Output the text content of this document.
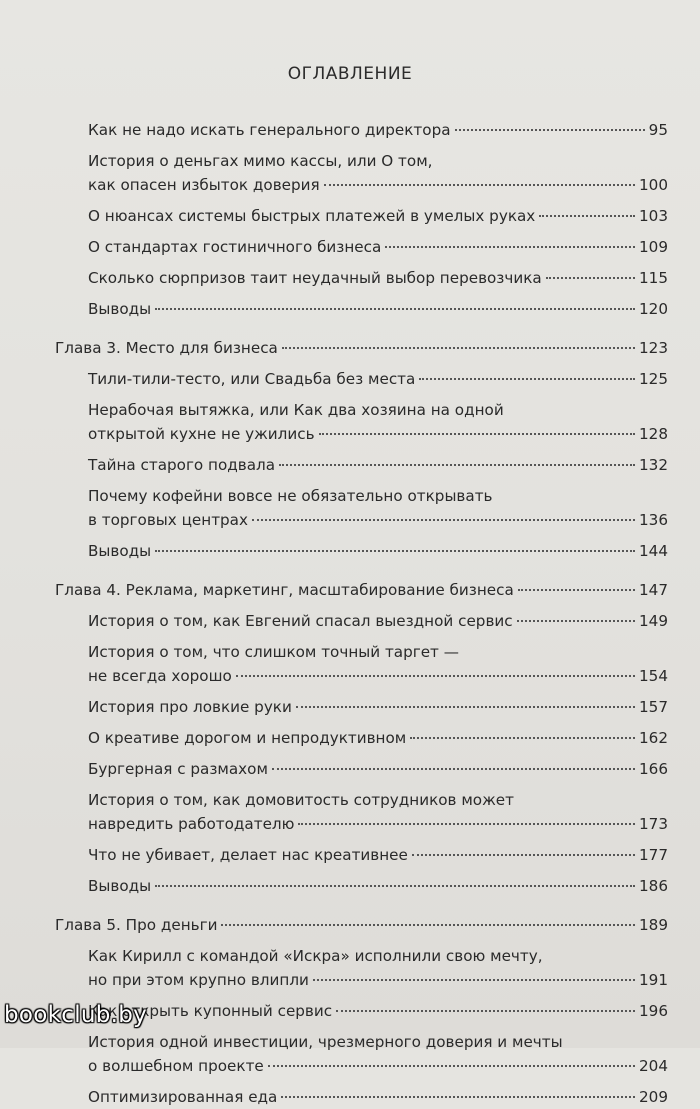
ОГЛАВЛЕНИЕ
Как не надо искать генерального директора	95
История о деньгах мимо кассы, или О том,
как опасен избыток доверия	100
О нюансах системы быстрых платежей в умелых руках	103
О стандартах гостиничного бизнеса	109
Сколько сюрпризов таит неудачный выбор перевозчика	115
Выводы	120
Глава 3. Место для бизнеса	123
Тили-тили-тесто, или Свадьба без места	125
Нерабочая вытяжка, или Как два хозяина на одной
открытой кухне не ужились	128
Тайна старого подвала	132
Почему кофейни вовсе не обязательно открывать
в торговых центрах	136
Выводы	144
Глава 4. Реклама, маркетинг, масштабирование бизнеса	147
История о том, как Евгений спасал выездной сервис	149
История о том, что слишком точный таргет —
не всегда хорошо	154
История про ловкие руки	157
О креативе дорогом и непродуктивном	162
Бургерная с размахом	166
История о том, как домовитость сотрудников может
навредить работодателю	173
Что не убивает, делает нас креативнее	177
Выводы	186
Глава 5. Про деньги	189
Как Кирилл с командой «Искра» исполнили свою мечту,
но при этом крупно влипли	191
Как открыть купонный сервис	196
История одной инвестиции, чрезмерного доверия и мечты
о волшебном проекте	204
Оптимизированная еда	209
bookclub.by
